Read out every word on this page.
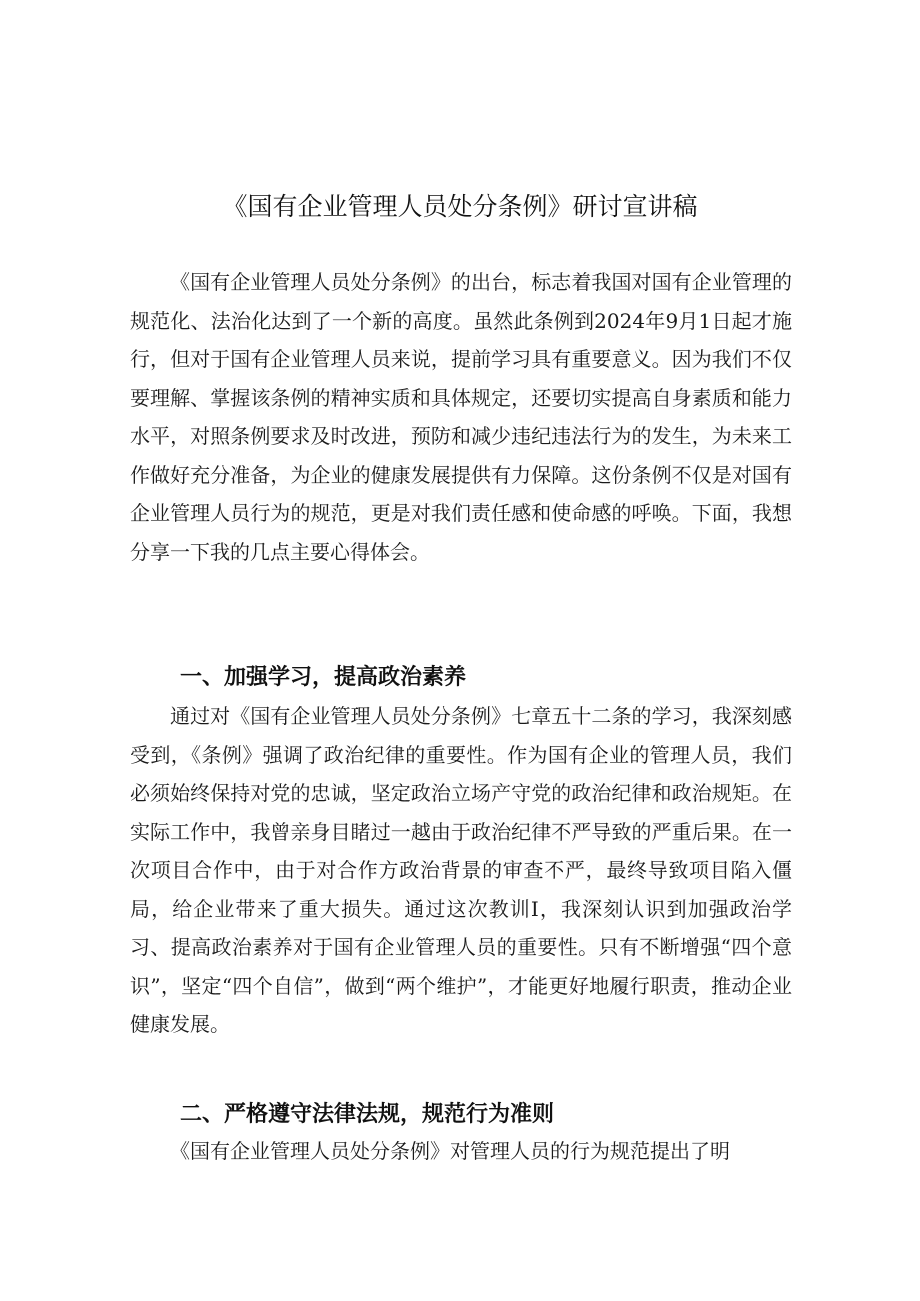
《国有企业管理人员处分条例》研讨宣讲稿

《国有企业管理人员处分条例》的出台，标志着我国对国有企业管理的规范化、法治化达到了一个新的高度。虽然此条例到2024年9月1日起才施行，但对于国有企业管理人员来说，提前学习具有重要意义。因为我们不仅要理解、掌握该条例的精神实质和具体规定，还要切实提高自身素质和能力水平，对照条例要求及时改进，预防和减少违纪违法行为的发生，为未来工作做好充分准备，为企业的健康发展提供有力保障。这份条例不仅是对国有企业管理人员行为的规范，更是对我们责任感和使命感的呼唤。下面，我想分享一下我的几点主要心得体会。

一、加强学习，提高政治素养

通过对《国有企业管理人员处分条例》七章五十二条的学习，我深刻感受到，《条例》强调了政治纪律的重要性。作为国有企业的管理人员，我们必须始终保持对党的忠诚，坚定政治立场产守党的政治纪律和政治规矩。在实际工作中，我曾亲身目睹过一越由于政治纪律不严导致的严重后果。在一次项目合作中，由于对合作方政治背景的审查不严，最终导致项目陷入僵局，给企业带来了重大损失。通过这次教训Ⅰ，我深刻认识到加强政治学习、提高政治素养对于国有企业管理人员的重要性。只有不断增强“四个意识”，坚定“四个自信”，做到“两个维护”，才能更好地履行职责，推动企业健康发展。

二、严格遵守法律法规，规范行为准则

《国有企业管理人员处分条例》对管理人员的行为规范提出了明
